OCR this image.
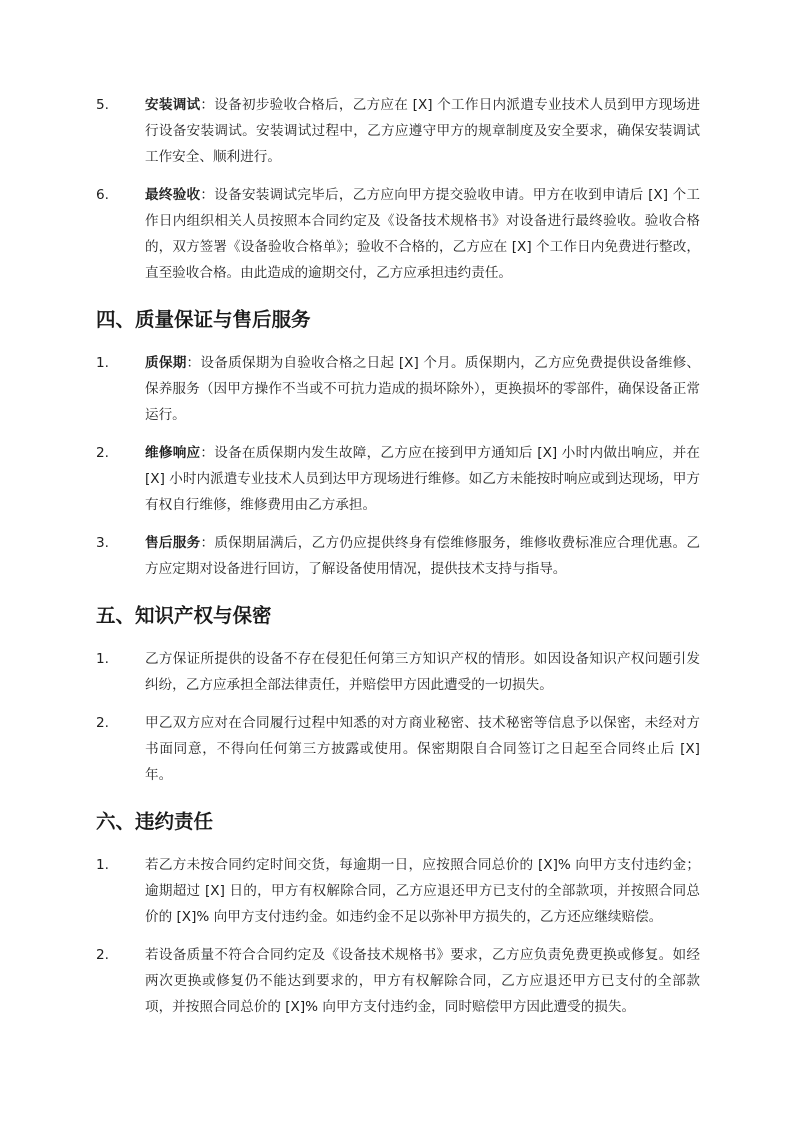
5.	安装调试：设备初步验收合格后，乙方应在 [X] 个工作日内派遣专业技术人员到甲方现场进行设备安装调试。安装调试过程中，乙方应遵守甲方的规章制度及安全要求，确保安装调试工作安全、顺利进行。
6.	最终验收：设备安装调试完毕后，乙方应向甲方提交验收申请。甲方在收到申请后 [X] 个工作日内组织相关人员按照本合同约定及《设备技术规格书》对设备进行最终验收。验收合格的，双方签署《设备验收合格单》；验收不合格的，乙方应在 [X] 个工作日内免费进行整改，直至验收合格。由此造成的逾期交付，乙方应承担违约责任。
四、质量保证与售后服务
1.	质保期：设备质保期为自验收合格之日起 [X] 个月。质保期内，乙方应免费提供设备维修、保养服务（因甲方操作不当或不可抗力造成的损坏除外），更换损坏的零部件，确保设备正常运行。
2.	维修响应：设备在质保期内发生故障，乙方应在接到甲方通知后 [X] 小时内做出响应，并在 [X] 小时内派遣专业技术人员到达甲方现场进行维修。如乙方未能按时响应或到达现场，甲方有权自行维修，维修费用由乙方承担。
3.	售后服务：质保期届满后，乙方仍应提供终身有偿维修服务，维修收费标准应合理优惠。乙方应定期对设备进行回访，了解设备使用情况，提供技术支持与指导。
五、知识产权与保密
1.	乙方保证所提供的设备不存在侵犯任何第三方知识产权的情形。如因设备知识产权问题引发纠纷，乙方应承担全部法律责任，并赔偿甲方因此遭受的一切损失。
2.	甲乙双方应对在合同履行过程中知悉的对方商业秘密、技术秘密等信息予以保密，未经对方书面同意，不得向任何第三方披露或使用。保密期限自合同签订之日起至合同终止后 [X] 年。
六、违约责任
1.	若乙方未按合同约定时间交货，每逾期一日，应按照合同总价的 [X]% 向甲方支付违约金；逾期超过 [X] 日的，甲方有权解除合同，乙方应退还甲方已支付的全部款项，并按照合同总价的 [X]% 向甲方支付违约金。如违约金不足以弥补甲方损失的，乙方还应继续赔偿。
2.	若设备质量不符合合同约定及《设备技术规格书》要求，乙方应负责免费更换或修复。如经两次更换或修复仍不能达到要求的，甲方有权解除合同，乙方应退还甲方已支付的全部款项，并按照合同总价的 [X]% 向甲方支付违约金，同时赔偿甲方因此遭受的损失。
